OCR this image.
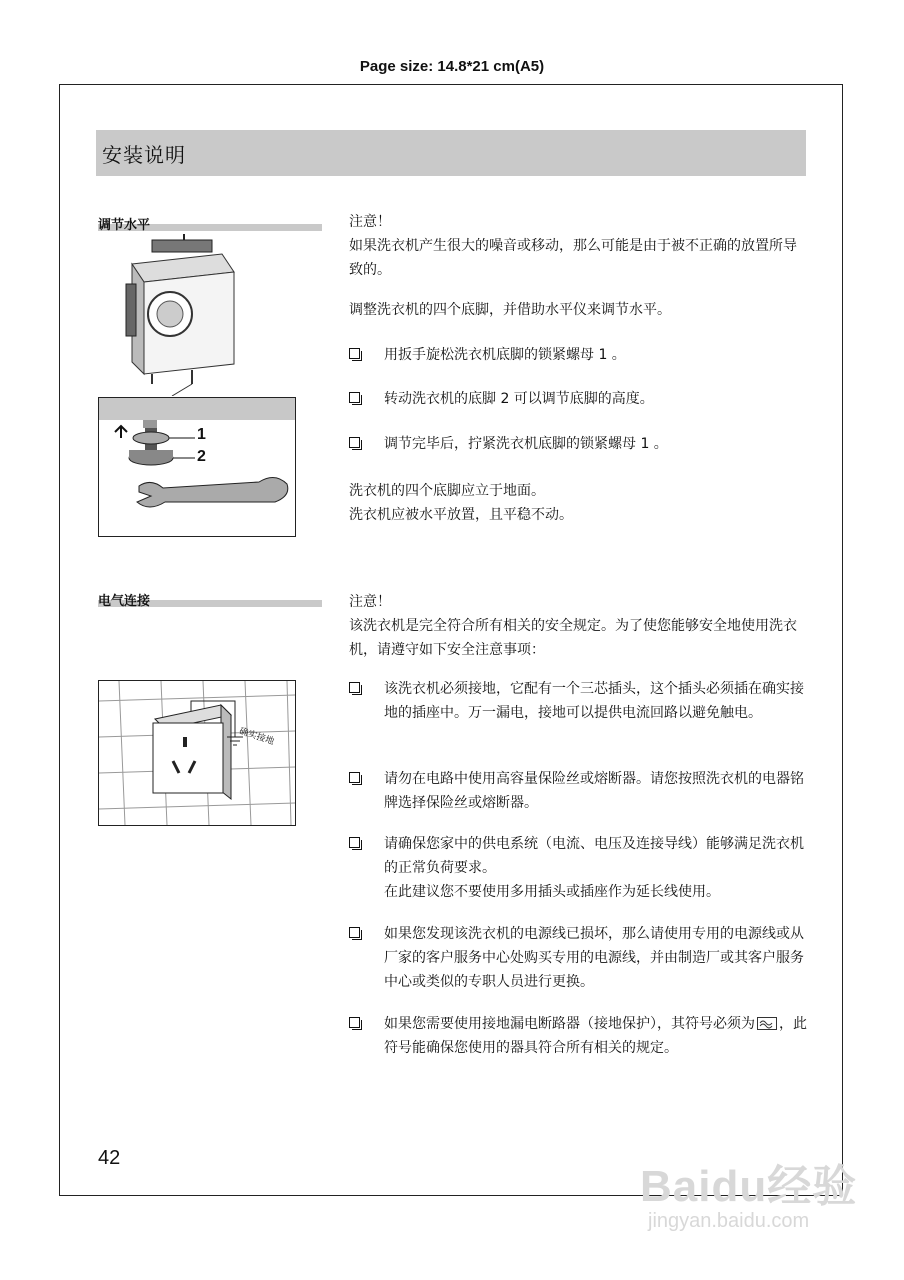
Page size: 14.8*21 cm(A5)
安装说明
调节水平
1
2
注意！
如果洗衣机产生很大的噪音或移动，那么可能是由于被不正确的放置所导致的。
调整洗衣机的四个底脚，并借助水平仪来调节水平。
用扳手旋松洗衣机底脚的锁紧螺母 1 。
转动洗衣机的底脚 2 可以调节底脚的高度。
调节完毕后，拧紧洗衣机底脚的锁紧螺母 1 。
洗衣机的四个底脚应立于地面。
洗衣机应被水平放置，且平稳不动。
电气连接
确实接地
注意！
该洗衣机是完全符合所有相关的安全规定。为了使您能够安全地使用洗衣机，请遵守如下安全注意事项：
该洗衣机必须接地，它配有一个三芯插头，这个插头必须插在确实接地的插座中。万一漏电，接地可以提供电流回路以避免触电。
请勿在电路中使用高容量保险丝或熔断器。请您按照洗衣机的电器铭牌选择保险丝或熔断器。
请确保您家中的供电系统（电流、电压及连接导线）能够满足洗衣机的正常负荷要求。
在此建议您不要使用多用插头或插座作为延长线使用。
如果您发现该洗衣机的电源线已损坏，那么请使用专用的电源线或从厂家的客户服务中心处购买专用的电源线，并由制造厂或其客户服务中心或类似的专职人员进行更换。
如果您需要使用接地漏电断路器（接地保护），其符号必须为 ，此符号能确保您使用的器具符合所有相关的规定。
42
Baidu经验
jingyan.baidu.com
